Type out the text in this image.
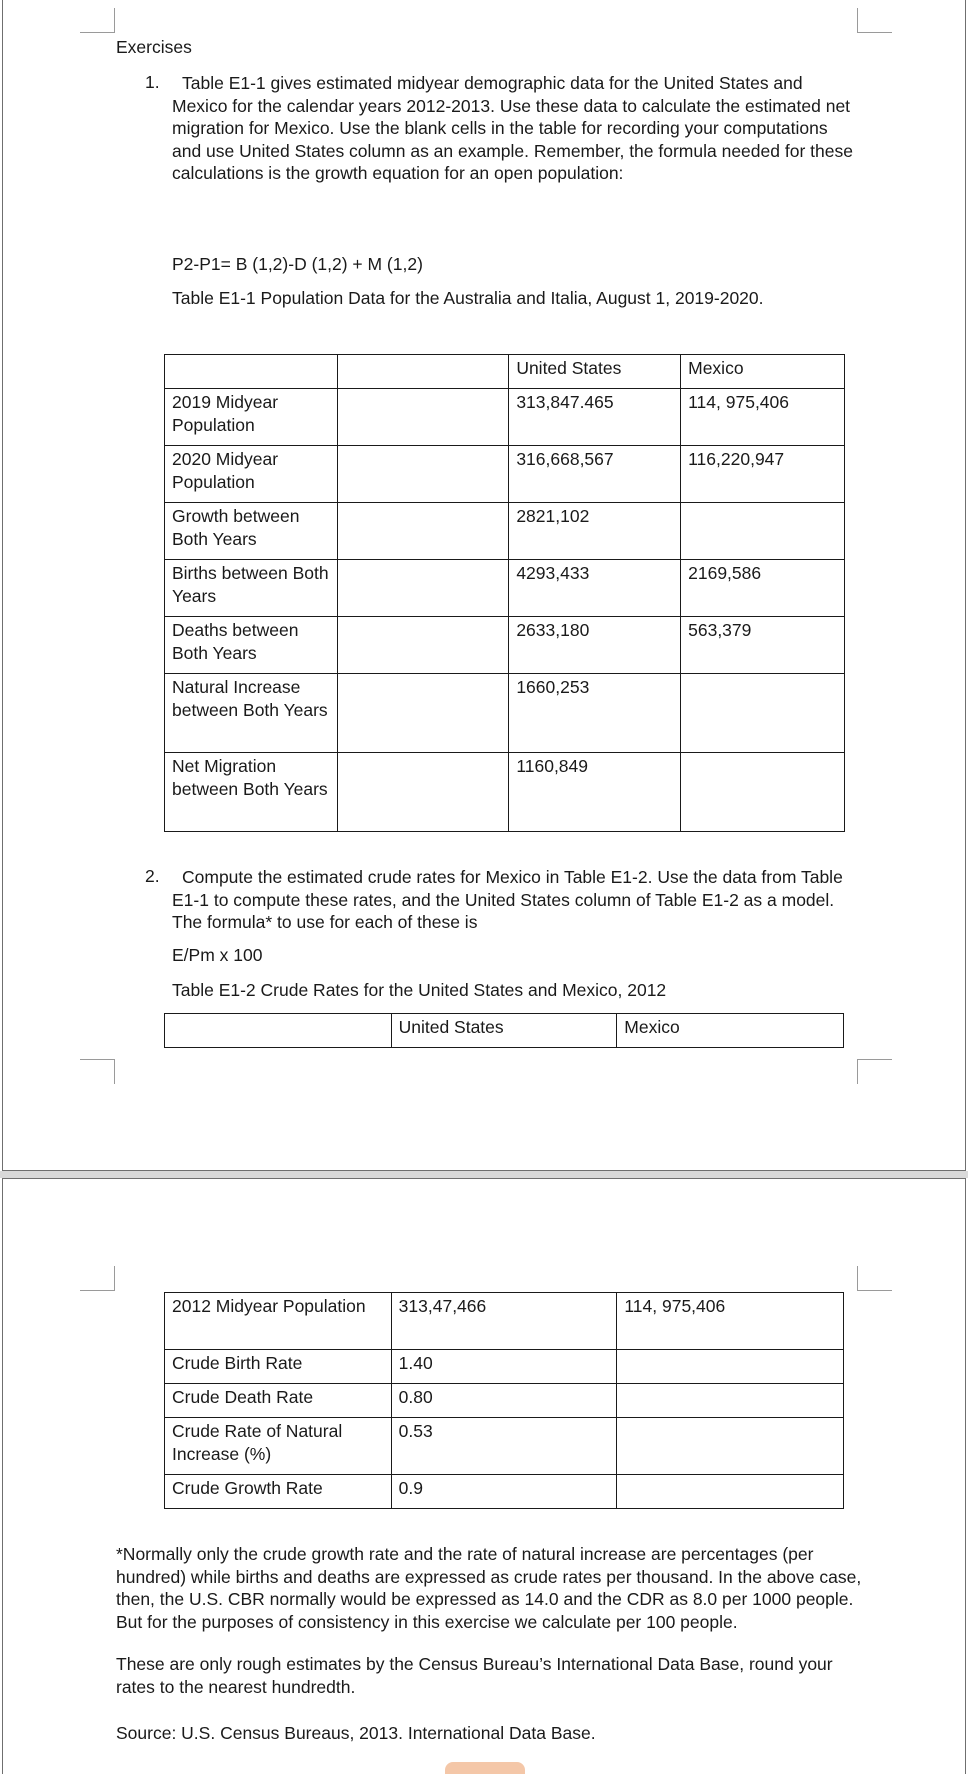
Exercises
1.	Table E1-1 gives estimated midyear demographic data for the United States and Mexico for the calendar years 2012-2013. Use these data to calculate the estimated net migration for Mexico. Use the blank cells in the table for recording your computations and use United States column as an example. Remember, the formula needed for these calculations is the growth equation for an open population:
P2-P1= B (1,2)-D (1,2) + M (1,2)
Table E1-1 Population Data for the Australia and Italia, August 1, 2019-2020.
		United States	Mexico
2019 Midyear Population		313,847.465	114, 975,406
2020 Midyear Population		316,668,567	116,220,947
Growth between Both Years		2821,102	
Births between Both Years		4293,433	2169,586
Deaths between Both Years		2633,180	563,379
Natural Increase between Both Years		1660,253	
Net Migration between Both Years		1160,849	
2.	Compute the estimated crude rates for Mexico in Table E1-2. Use the data from Table E1-1 to compute these rates, and the United States column of Table E1-2 as a model. The formula* to use for each of these is
E/Pm x 100
Table E1-2 Crude Rates for the United States and Mexico, 2012
	United States	Mexico
2012 Midyear Population	313,47,466	114, 975,406
Crude Birth Rate	1.40	
Crude Death Rate	0.80	
Crude Rate of Natural Increase (%)	0.53	
Crude Growth Rate	0.9	
*Normally only the crude growth rate and the rate of natural increase are percentages (per hundred) while births and deaths are expressed as crude rates per thousand. In the above case, then, the U.S. CBR normally would be expressed as 14.0 and the CDR as 8.0 per 1000 people. But for the purposes of consistency in this exercise we calculate per 100 people.
These are only rough estimates by the Census Bureau’s International Data Base, round your rates to the nearest hundredth.
Source: U.S. Census Bureaus, 2013. International Data Base.
